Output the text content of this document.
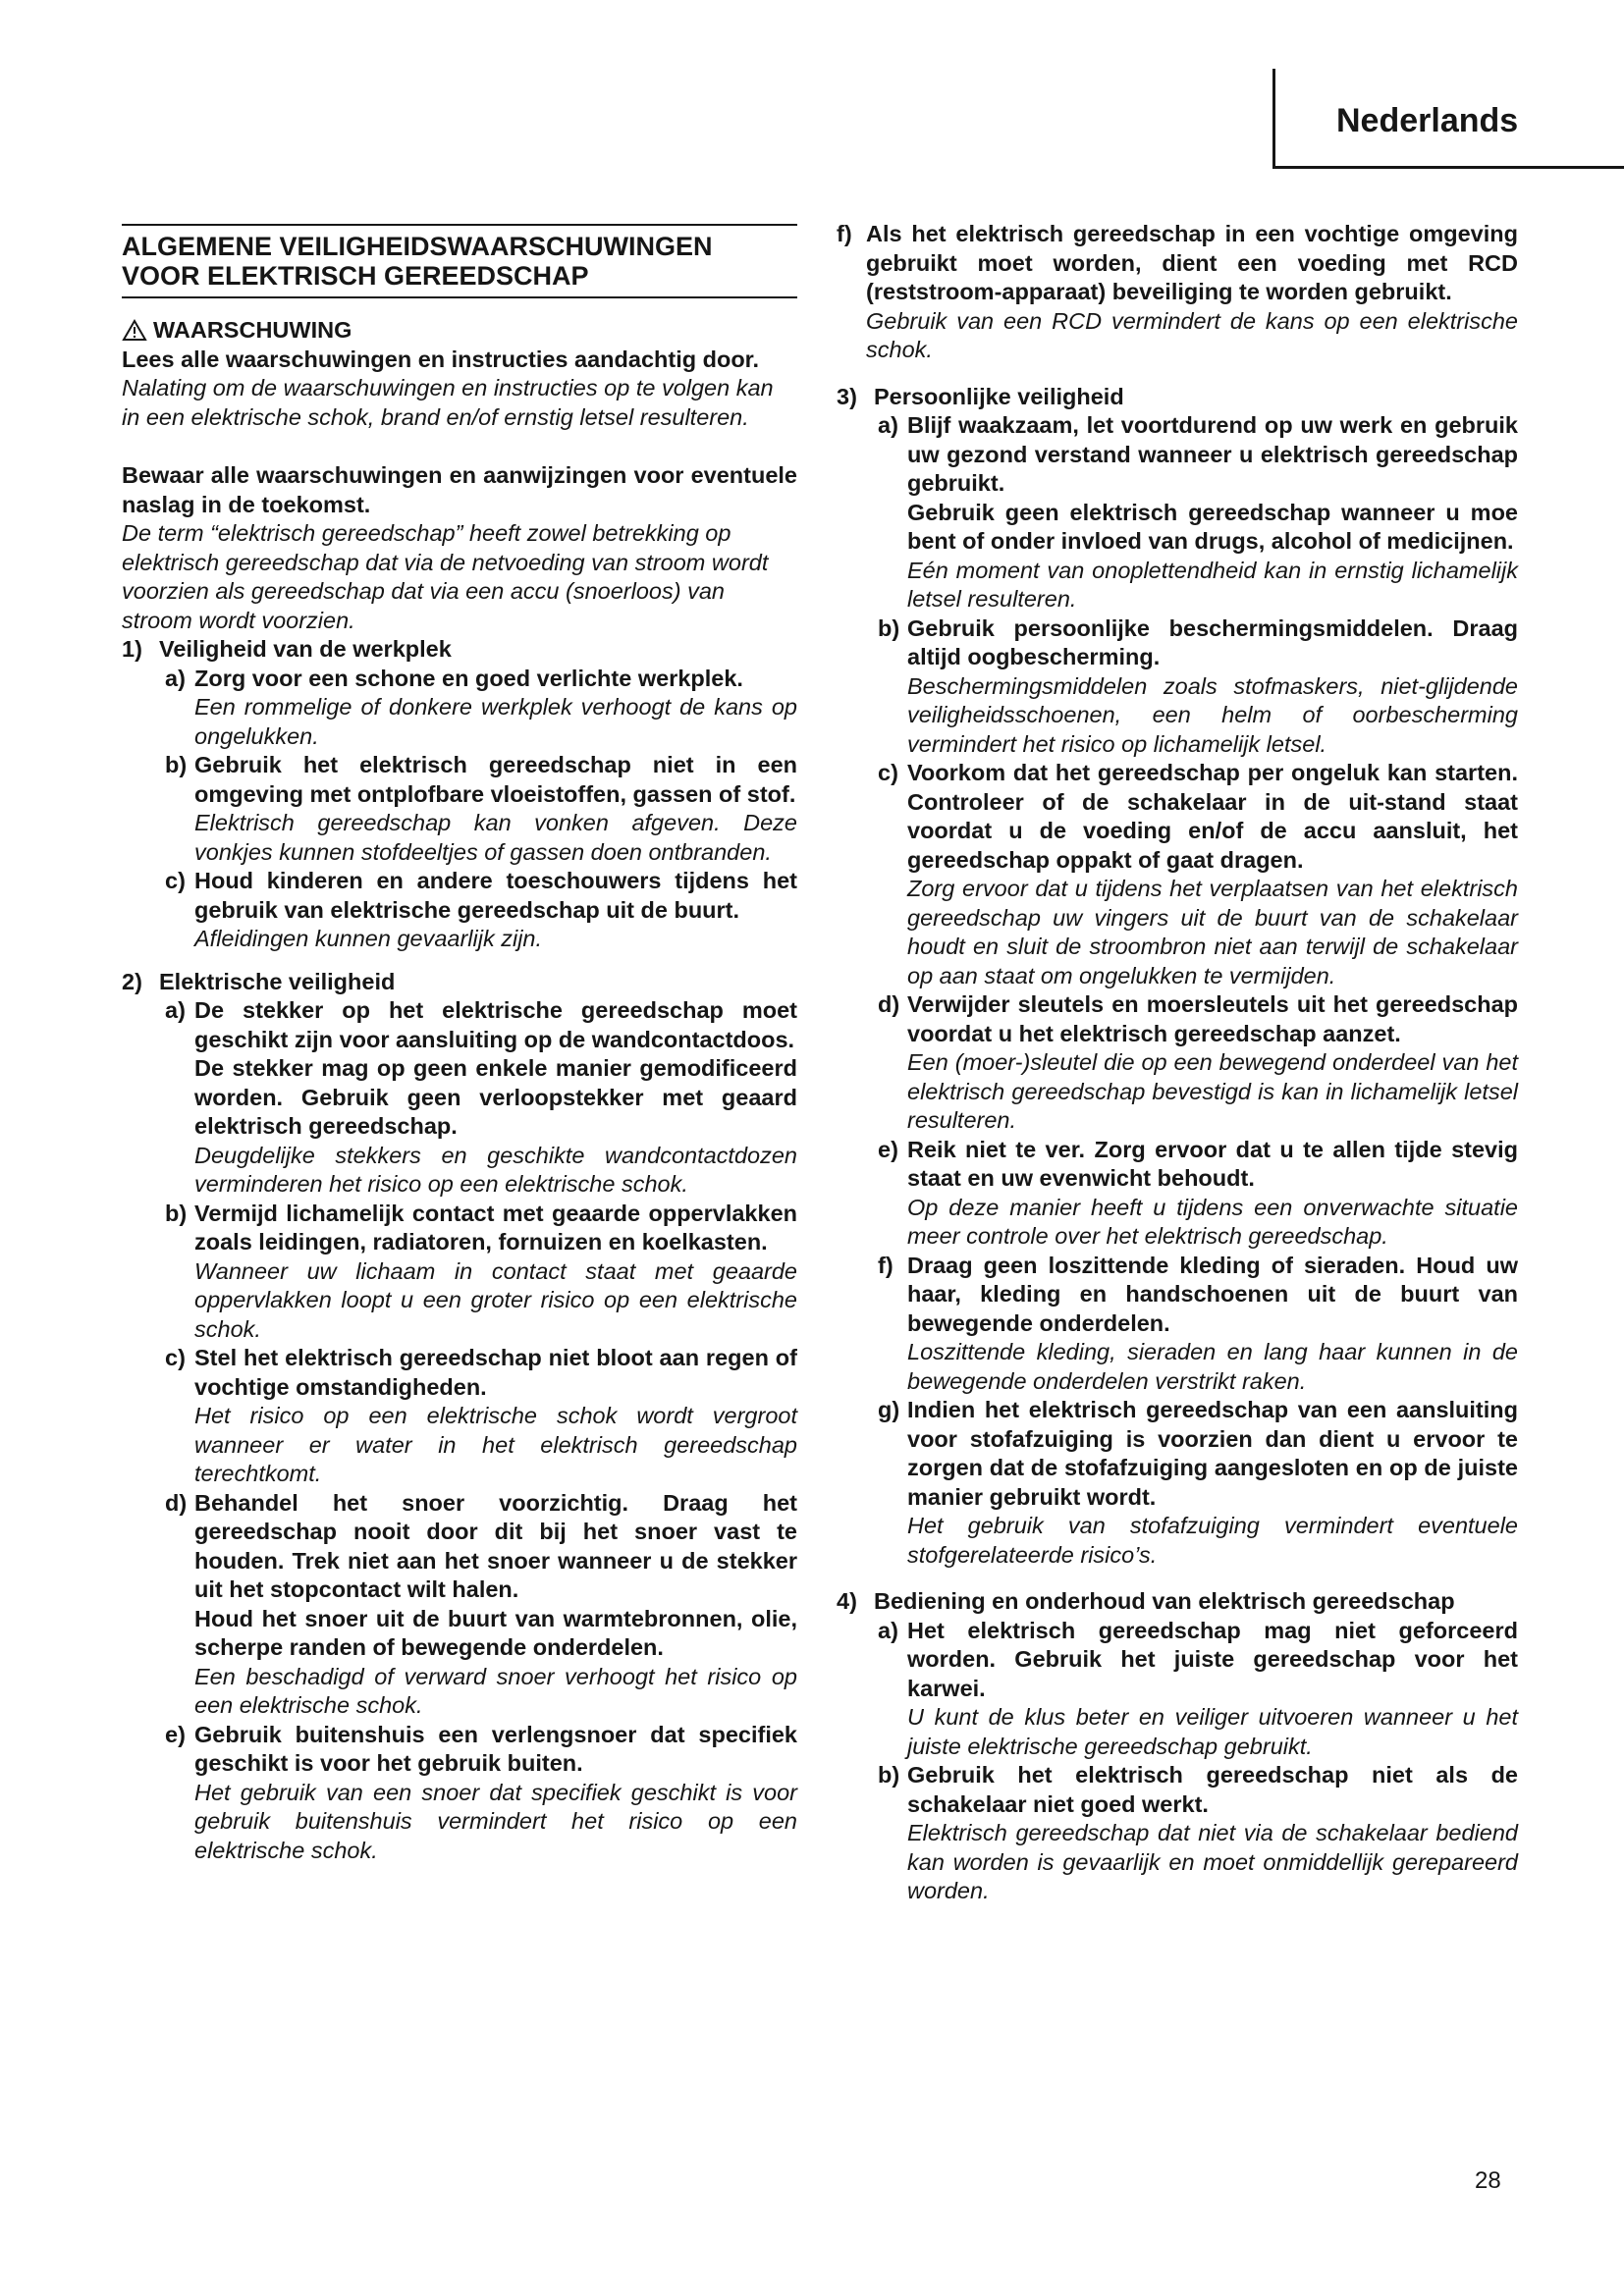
Nederlands
ALGEMENE VEILIGHEIDSWAARSCHUWINGEN
VOOR ELEKTRISCH GEREEDSCHAP
WAARSCHUWING
Lees alle waarschuwingen en instructies aandachtig door.
Nalating om de waarschuwingen en instructies op te volgen kan in een elektrische schok, brand en/of ernstig letsel resulteren.
Bewaar alle waarschuwingen en aanwijzingen voor eventuele naslag in de toekomst.
De term “elektrisch gereedschap” heeft zowel betrekking op elektrisch gereedschap dat via de netvoeding van stroom wordt voorzien als gereedschap dat via een accu (snoerloos) van stroom wordt voorzien.
1) Veiligheid van de werkplek
a) Zorg voor een schone en goed verlichte werkplek.

Een rommelige of donkere werkplek verhoogt de kans op ongelukken.

b) Gebruik het elektrisch gereedschap niet in een omgeving met ontplofbare vloeistoffen, gassen of stof.

Elektrisch gereedschap kan vonken afgeven. Deze vonkjes kunnen stofdeeltjes of gassen doen ontbranden.

c) Houd kinderen en andere toeschouwers tijdens het gebruik van elektrische gereedschap uit de buurt.

Afleidingen kunnen gevaarlijk zijn.

2) Elektrische veiligheid
a) De stekker op het elektrische gereedschap moet geschikt zijn voor aansluiting op de wandcontactdoos.

De stekker mag op geen enkele manier gemodificeerd worden. Gebruik geen verloopstekker met geaard elektrisch gereedschap.

Deugdelijke stekkers en geschikte wandcontactdozen verminderen het risico op een elektrische schok.

b) Vermijd lichamelijk contact met geaarde oppervlakken zoals leidingen, radiatoren, fornuizen en koelkasten.

Wanneer uw lichaam in contact staat met geaarde oppervlakken loopt u een groter risico op een elektrische schok.

c) Stel het elektrisch gereedschap niet bloot aan regen of vochtige omstandigheden.

Het risico op een elektrische schok wordt vergroot wanneer er water in het elektrisch gereedschap terechtkomt.

d) Behandel het snoer voorzichtig. Draag het gereedschap nooit door dit bij het snoer vast te houden. Trek niet aan het snoer wanneer u de stekker uit het stopcontact wilt halen.

Houd het snoer uit de buurt van warmtebronnen, olie, scherpe randen of bewegende onderdelen.

Een beschadigd of verward snoer verhoogt het risico op een elektrische schok.

e) Gebruik buitenshuis een verlengsnoer dat specifiek geschikt is voor het gebruik buiten.

Het gebruik van een snoer dat specifiek geschikt is voor gebruik buitenshuis vermindert het risico op een elektrische schok.

f) Als het elektrisch gereedschap in een vochtige omgeving gebruikt moet worden, dient een voeding met RCD (reststroom-apparaat) beveiliging te worden gebruikt.

Gebruik van een RCD vermindert de kans op een elektrische schok.

3) Persoonlijke veiligheid
a) Blijf waakzaam, let voortdurend op uw werk en gebruik uw gezond verstand wanneer u elektrisch gereedschap gebruikt.

Gebruik geen elektrisch gereedschap wanneer u moe bent of onder invloed van drugs, alcohol of medicijnen.

Eén moment van onoplettendheid kan in ernstig lichamelijk letsel resulteren.

b) Gebruik persoonlijke beschermingsmiddelen. Draag altijd oogbescherming.

Beschermingsmiddelen zoals stofmaskers, niet-glijdende veiligheidsschoenen, een helm of oorbescherming vermindert het risico op lichamelijk letsel.

c) Voorkom dat het gereedschap per ongeluk kan starten. Controleer of de schakelaar in de uit-stand staat voordat u de voeding en/of de accu aansluit, het gereedschap oppakt of gaat dragen.

Zorg ervoor dat u tijdens het verplaatsen van het elektrisch gereedschap uw vingers uit de buurt van de schakelaar houdt en sluit de stroombron niet aan terwijl de schakelaar op aan staat om ongelukken te vermijden.

d) Verwijder sleutels en moersleutels uit het gereedschap voordat u het elektrisch gereedschap aanzet.

Een (moer-)sleutel die op een bewegend onderdeel van het elektrisch gereedschap bevestigd is kan in lichamelijk letsel resulteren.

e) Reik niet te ver. Zorg ervoor dat u te allen tijde stevig staat en uw evenwicht behoudt.

Op deze manier heeft u tijdens een onverwachte situatie meer controle over het elektrisch gereedschap.

f) Draag geen loszittende kleding of sieraden. Houd uw haar, kleding en handschoenen uit de buurt van bewegende onderdelen.

Loszittende kleding, sieraden en lang haar kunnen in de bewegende onderdelen verstrikt raken.

g) Indien het elektrisch gereedschap van een aansluiting voor stofafzuiging is voorzien dan dient u ervoor te zorgen dat de stofafzuiging aangesloten en op de juiste manier gebruikt wordt.

Het gebruik van stofafzuiging vermindert eventuele stofgerelateerde risico’s.

4) Bediening en onderhoud van elektrisch gereedschap
a) Het elektrisch gereedschap mag niet geforceerd worden. Gebruik het juiste gereedschap voor het karwei.

U kunt de klus beter en veiliger uitvoeren wanneer u het juiste elektrische gereedschap gebruikt.

b) Gebruik het elektrisch gereedschap niet als de schakelaar niet goed werkt.

Elektrisch gereedschap dat niet via de schakelaar bediend kan worden is gevaarlijk en moet onmiddellijk gerepareerd worden.

28
